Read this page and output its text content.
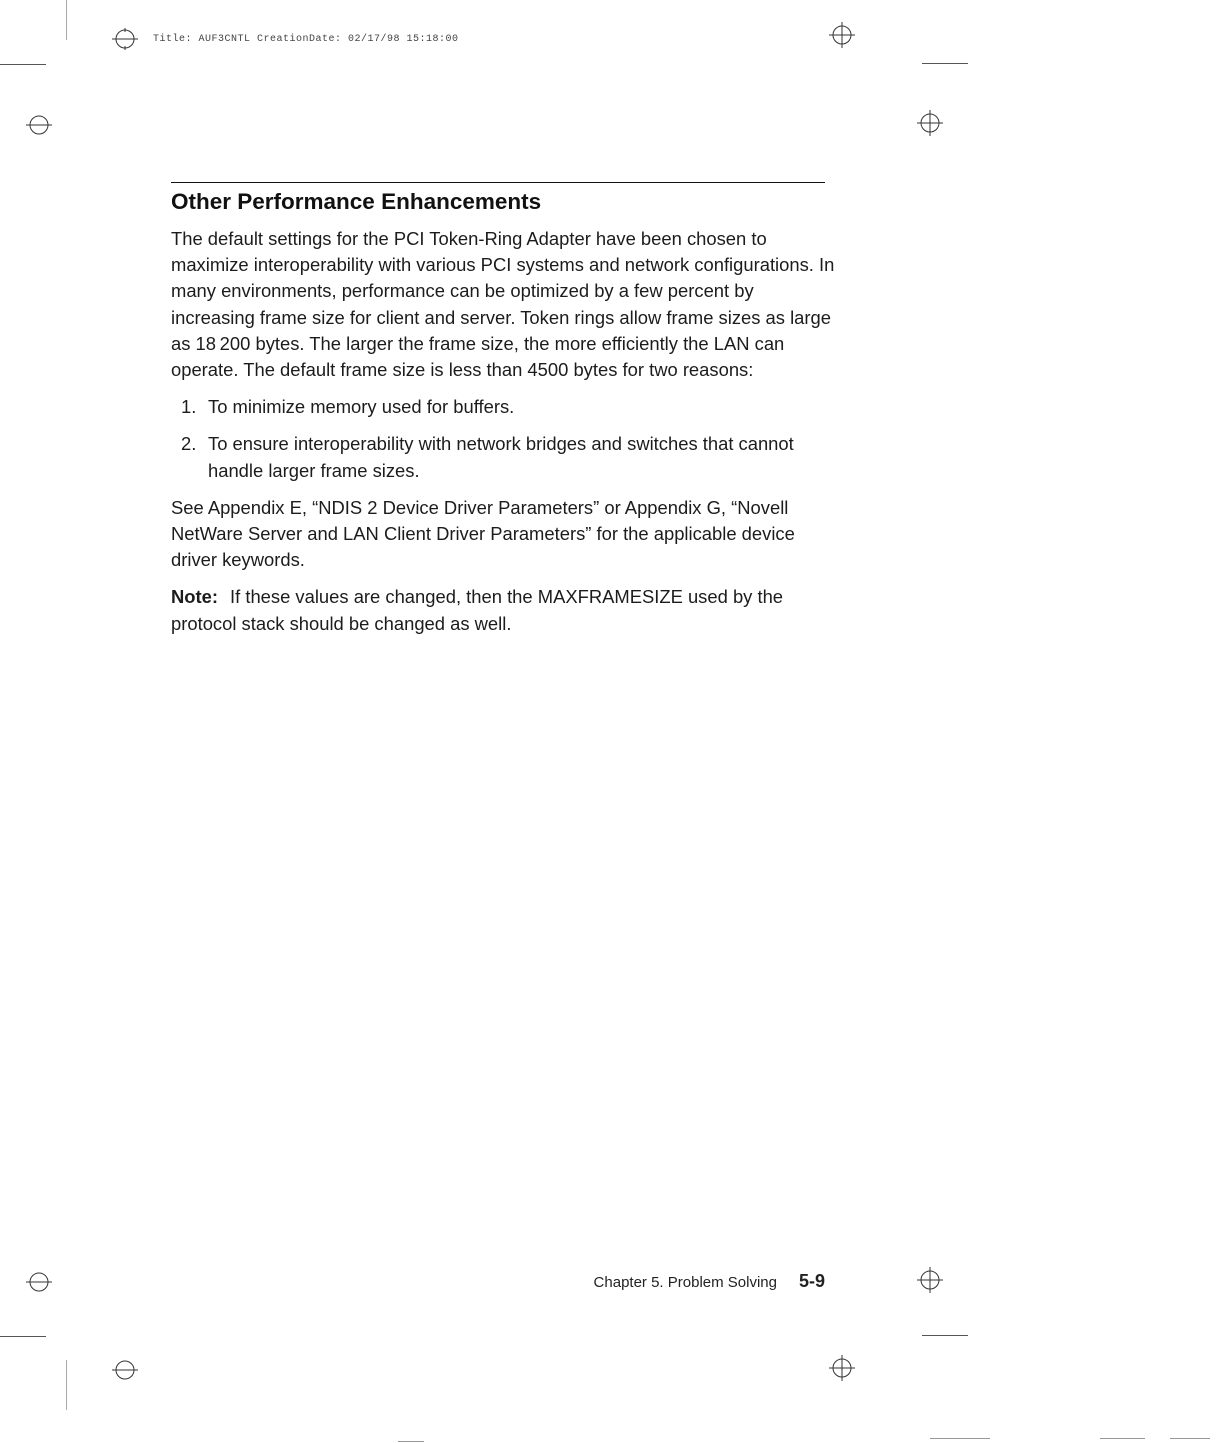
Title: AUF3CNTL CreationDate: 02/17/98 15:18:00
Other Performance Enhancements

The default settings for the PCI Token-Ring Adapter have been chosen to maximize interoperability with various PCI systems and network configurations. In many environments, performance can be optimized by a few percent by increasing frame size for client and server. Token rings allow frame sizes as large as 18 200 bytes. The larger the frame size, the more efficiently the LAN can operate. The default frame size is less than 4500 bytes for two reasons:

1. To minimize memory used for buffers.
2. To ensure interoperability with network bridges and switches that cannot handle larger frame sizes.

See Appendix E, “NDIS 2 Device Driver Parameters” or Appendix G, “Novell NetWare Server and LAN Client Driver Parameters” for the applicable device driver keywords.

Note: If these values are changed, then the MAXFRAMESIZE used by the protocol stack should be changed as well.

Chapter 5. Problem Solving 5-9
